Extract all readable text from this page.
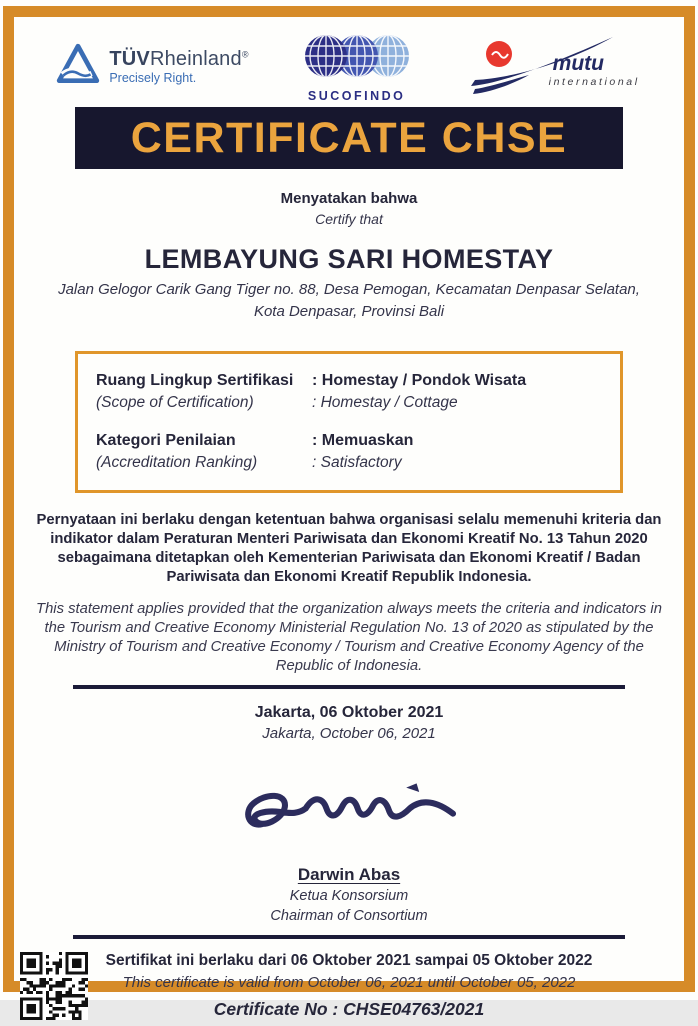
TÜVRheinland®
Precisely Right.
SUCOFINDO
mutu
international
CERTIFICATE CHSE
Menyatakan bahwa
Certify that
LEMBAYUNG SARI HOMESTAY
Jalan Gelogor Carik Gang Tiger no. 88, Desa Pemogan, Kecamatan Denpasar Selatan,
Kota Denpasar, Provinsi Bali
Ruang Lingkup Sertifikasi	: Homestay / Pondok Wisata
(Scope of Certification)	: Homestay / Cottage
Kategori Penilaian	: Memuaskan
(Accreditation Ranking)	: Satisfactory
Pernyataan ini berlaku dengan ketentuan bahwa organisasi selalu memenuhi kriteria dan indikator dalam Peraturan Menteri Pariwisata dan Ekonomi Kreatif No. 13 Tahun 2020 sebagaimana ditetapkan oleh Kementerian Pariwisata dan Ekonomi Kreatif / Badan Pariwisata dan Ekonomi Kreatif Republik Indonesia.
This statement applies provided that the organization always meets the criteria and indicators in the Tourism and Creative Economy Ministerial Regulation No. 13 of 2020 as stipulated by the Ministry of Tourism and Creative Economy / Tourism and Creative Economy Agency of the Republic of Indonesia.
Jakarta, 06 Oktober 2021
Jakarta, October 06, 2021
Darwin Abas
Ketua Konsorsium
Chairman of Consortium
Sertifikat ini berlaku dari 06 Oktober 2021 sampai 05 Oktober 2022
This certificate is valid from October 06, 2021 until October 05, 2022
Certificate No : CHSE04763/2021
